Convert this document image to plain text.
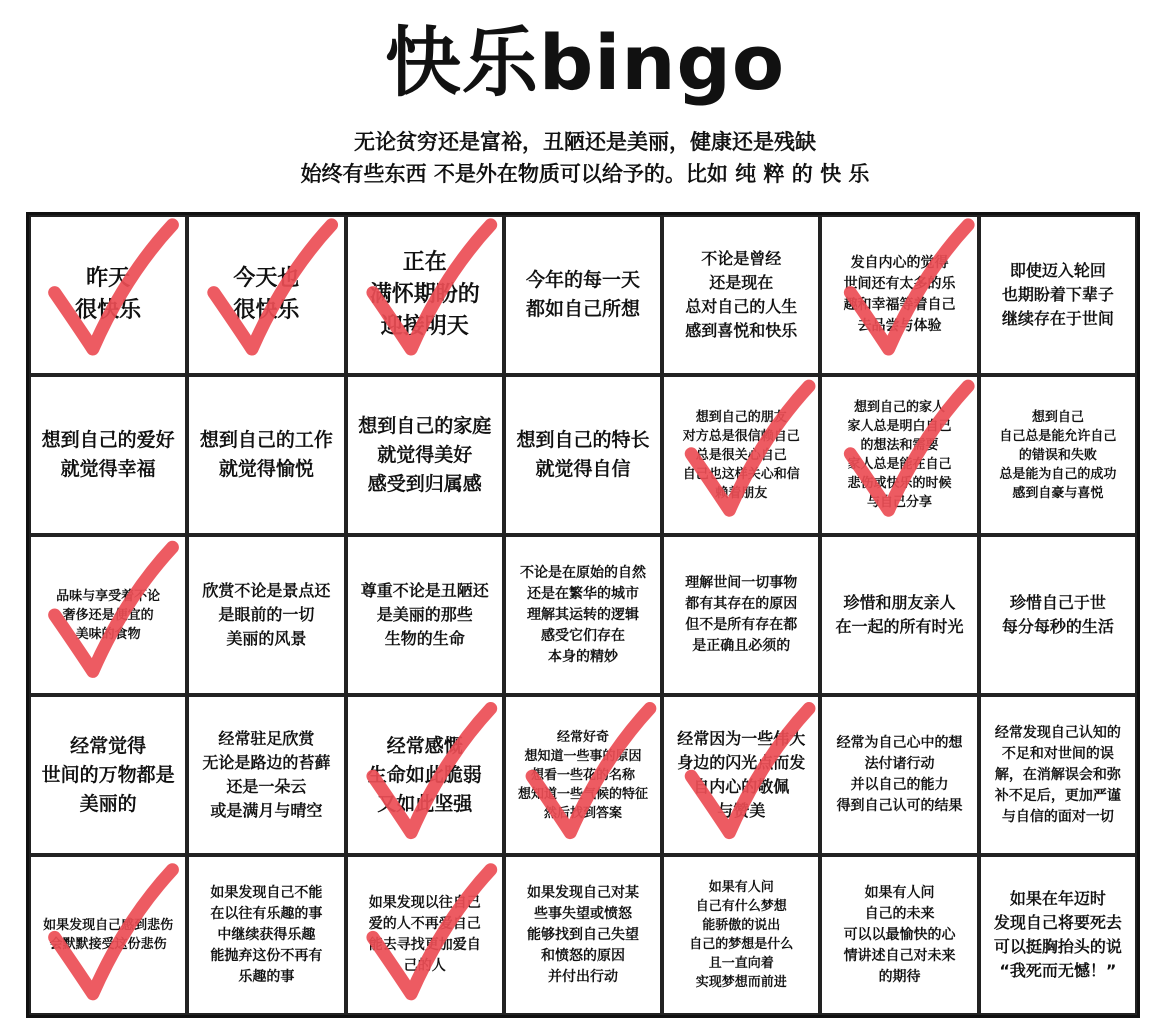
快乐bingo
无论贫穷还是富裕，丑陋还是美丽，健康还是残缺
始终有些东西 不是外在物质可以给予的。比如 纯 粹 的 快 乐
昨天
很快乐
今天也
很快乐
正在
满怀期盼的
迎接明天
今年的每一天
都如自己所想
不论是曾经
还是现在
总对自己的人生
感到喜悦和快乐
发自内心的觉得
世间还有太多的乐
趣和幸福等着自己
去品尝与体验
即使迈入轮回
也期盼着下辈子
继续存在于世间
想到自己的爱好
就觉得幸福
想到自己的工作
就觉得愉悦
想到自己的家庭
就觉得美好
感受到归属感
想到自己的特长
就觉得自信
想到自己的朋友
对方总是很信赖自己
总是很关心自己
自己也这样关心和信
赖着朋友
想到自己的家人
家人总是明白自己
的想法和需要
家人总是能在自己
悲伤或快乐的时候
与自己分享
想到自己
自己总是能允许自己
的错误和失败
总是能为自己的成功
感到自豪与喜悦
品味与享受着不论
奢侈还是便宜的
美味的食物
欣赏不论是景点还
是眼前的一切
美丽的风景
尊重不论是丑陋还
是美丽的那些
生物的生命
不论是在原始的自然
还是在繁华的城市
理解其运转的逻辑
感受它们存在
本身的精妙
理解世间一切事物
都有其存在的原因
但不是所有存在都
是正确且必须的
珍惜和朋友亲人
在一起的所有时光
珍惜自己于世
每分每秒的生活
经常觉得
世间的万物都是
美丽的
经常驻足欣赏
无论是路边的苔藓
还是一朵云
或是满月与晴空
经常感慨
生命如此脆弱
又如此坚强
经常好奇
想知道一些事的原因
想看一些花的名称
想知道一些气候的特征
然后找到答案
经常因为一些伟大
身边的闪光点而发
自内心的敬佩
与赞美
经常为自己心中的想
法付诸行动
并以自己的能力
得到自己认可的结果
经常发现自己认知的
不足和对世间的误
解，在消解误会和弥
补不足后，更加严谨
与自信的面对一切
如果发现自己感到悲伤
会默默接受这份悲伤
如果发现自己不能
在以往有乐趣的事
中继续获得乐趣
能抛弃这份不再有
乐趣的事
如果发现以往自己
爱的人不再爱自己
能去寻找更加爱自
己的人
如果发现自己对某
些事失望或愤怒
能够找到自己失望
和愤怒的原因
并付出行动
如果有人问
自己有什么梦想
能骄傲的说出
自己的梦想是什么
且一直向着
实现梦想而前进
如果有人问
自己的未来
可以以最愉快的心
情讲述自己对未来
的期待
如果在年迈时
发现自己将要死去
可以挺胸抬头的说
“我死而无憾！”
